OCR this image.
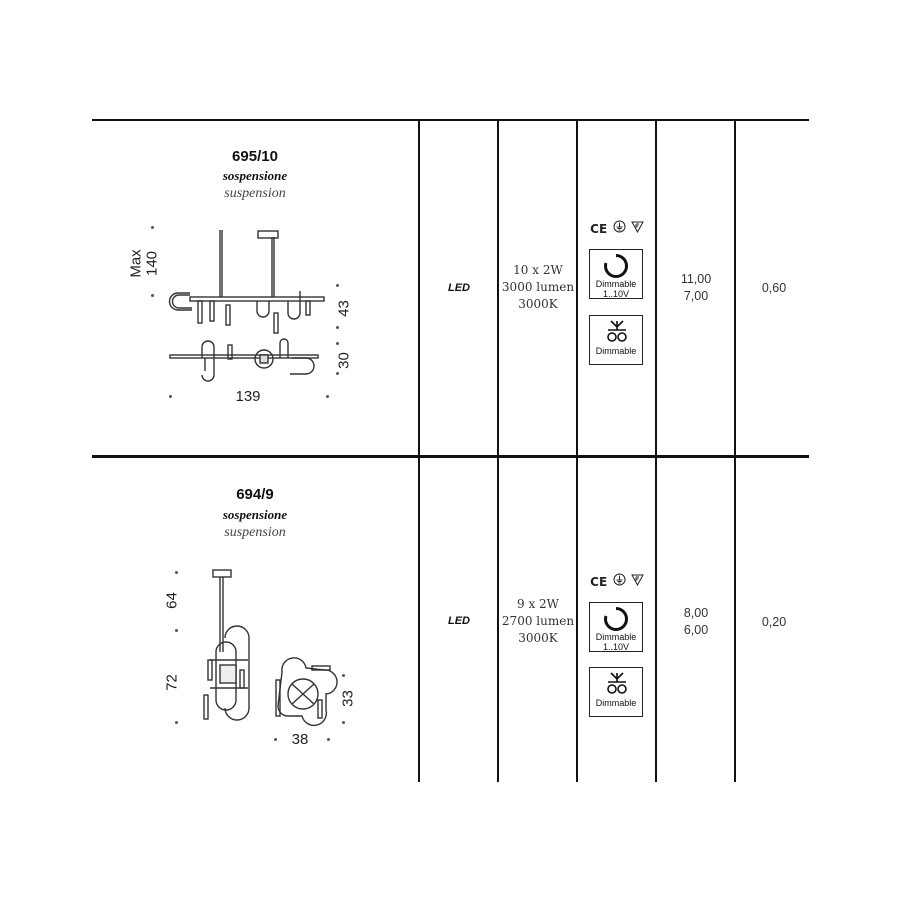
695/10
sospensione
suspension
Max 140
43
30
139
LED
10 x 2W
3000 lumen
3000K
CE
Dimmable
1..10V
Dimmable
11,00
7,00
0,60
694/9
sospensione
suspension
64
72
33
38
LED
9 x 2W
2700 lumen
3000K
CE
Dimmable
1..10V
Dimmable
8,00
6,00
0,20
